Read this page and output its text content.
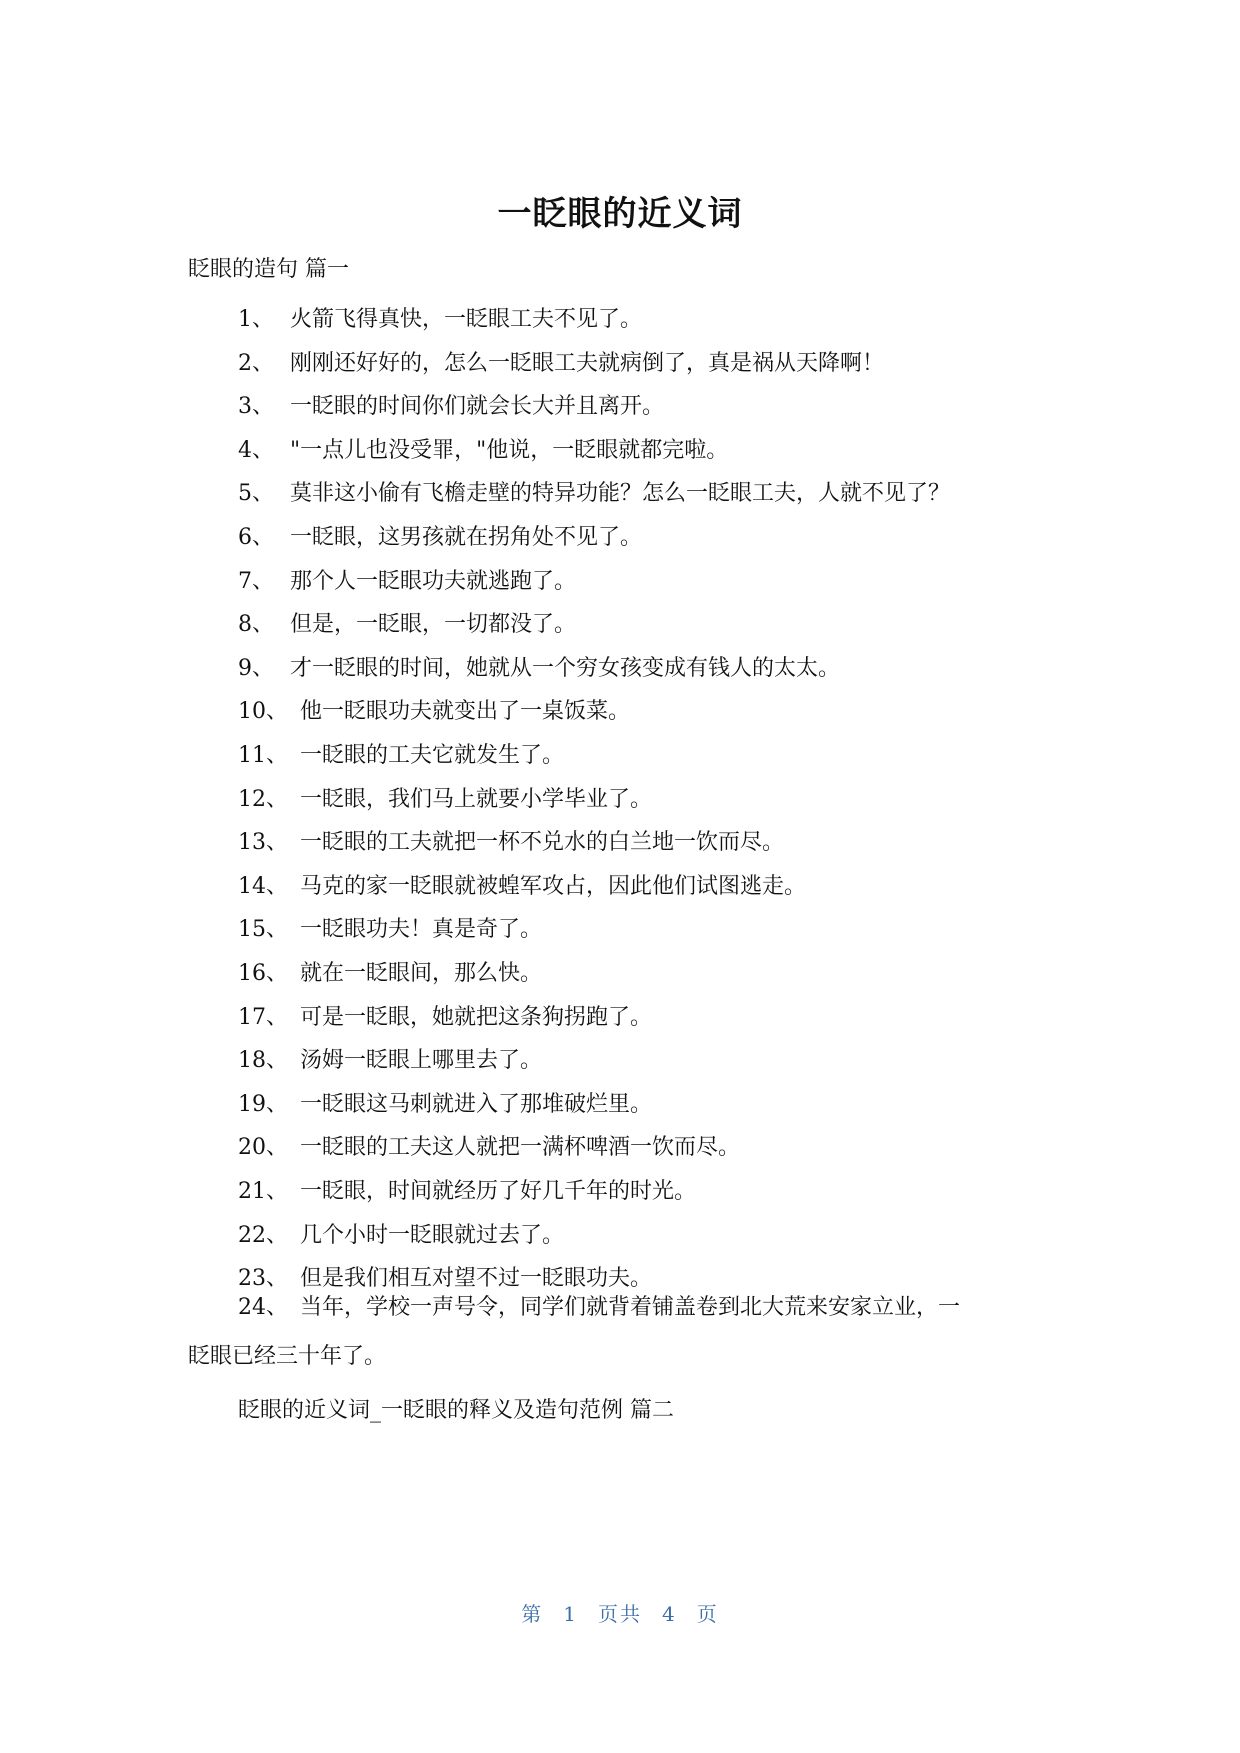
一眨眼的近义词

眨眼的造句 篇一

1、 火箭飞得真快，一眨眼工夫不见了。
2、 刚刚还好好的，怎么一眨眼工夫就病倒了，真是祸从天降啊！
3、 一眨眼的时间你们就会长大并且离开。
4、 "一点儿也没受罪，"他说，一眨眼就都完啦。
5、 莫非这小偷有飞檐走壁的特异功能？怎么一眨眼工夫，人就不见了？
6、 一眨眼，这男孩就在拐角处不见了。
7、 那个人一眨眼功夫就逃跑了。
8、 但是，一眨眼，一切都没了。
9、 才一眨眼的时间，她就从一个穷女孩变成有钱人的太太。
10、 他一眨眼功夫就变出了一桌饭菜。
11、 一眨眼的工夫它就发生了。
12、 一眨眼，我们马上就要小学毕业了。
13、 一眨眼的工夫就把一杯不兑水的白兰地一饮而尽。
14、 马克的家一眨眼就被蝗军攻占，因此他们试图逃走。
15、 一眨眼功夫！真是奇了。
16、 就在一眨眼间，那么快。
17、 可是一眨眼，她就把这条狗拐跑了。
18、 汤姆一眨眼上哪里去了。
19、 一眨眼这马刺就进入了那堆破烂里。
20、 一眨眼的工夫这人就把一满杯啤酒一饮而尽。
21、 一眨眼，时间就经历了好几千年的时光。
22、 几个小时一眨眼就过去了。
23、 但是我们相互对望不过一眨眼功夫。
24、 当年，学校一声号令，同学们就背着铺盖卷到北大荒来安家立业，一
眨眼已经三十年了。

眨眼的近义词_一眨眼的释义及造句范例 篇二

第 1 页共 4 页
